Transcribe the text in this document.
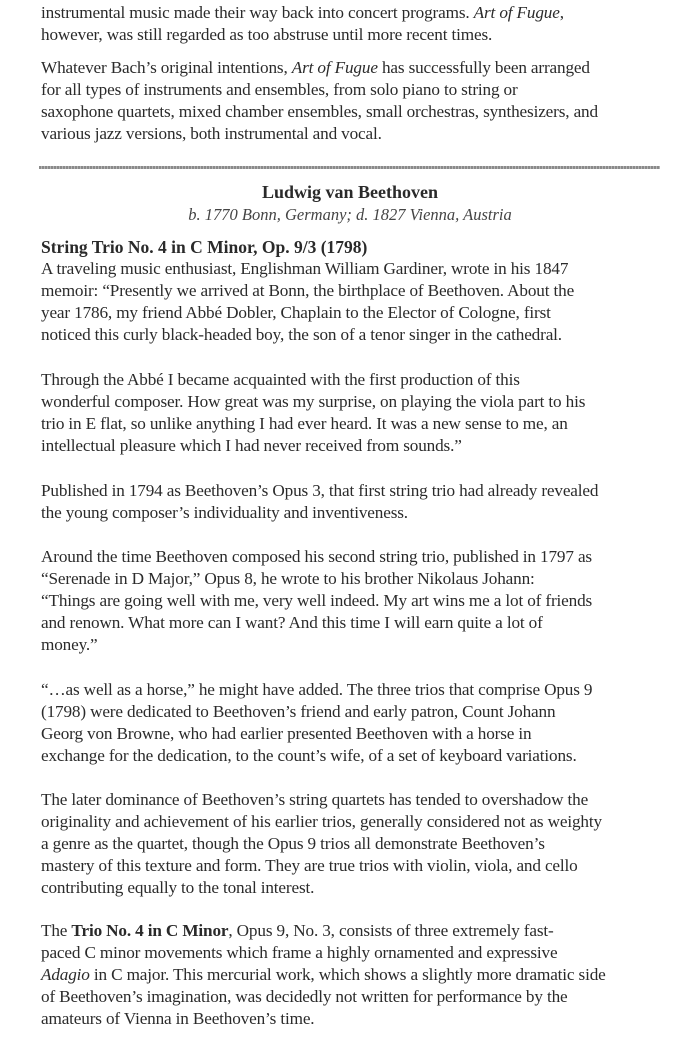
instrumental music made their way back into concert programs. Art of Fugue,
however, was still regarded as too abstruse until more recent times.

Whatever Bach’s original intentions, Art of Fugue has successfully been arranged
for all types of instruments and ensembles, from solo piano to string or
saxophone quartets, mixed chamber ensembles, small orchestras, synthesizers, and
various jazz versions, both instrumental and vocal.

Ludwig van Beethoven
b. 1770 Bonn, Germany; d. 1827 Vienna, Austria
String Trio No. 4 in C Minor, Op. 9/3 (1798)

A traveling music enthusiast, Englishman William Gardiner, wrote in his 1847
memoir: “Presently we arrived at Bonn, the birthplace of Beethoven. About the
year 1786, my friend Abbé Dobler, Chaplain to the Elector of Cologne, first
noticed this curly black-headed boy, the son of a tenor singer in the cathedral.

Through the Abbé I became acquainted with the first production of this
wonderful composer. How great was my surprise, on playing the viola part to his
trio in E flat, so unlike anything I had ever heard. It was a new sense to me, an
intellectual pleasure which I had never received from sounds.”

Published in 1794 as Beethoven’s Opus 3, that first string trio had already revealed
the young composer’s individuality and inventiveness.

Around the time Beethoven composed his second string trio, published in 1797 as
“Serenade in D Major,” Opus 8, he wrote to his brother Nikolaus Johann:
“Things are going well with me, very well indeed. My art wins me a lot of friends
and renown. What more can I want? And this time I will earn quite a lot of
money.”

“…as well as a horse,” he might have added. The three trios that comprise Opus 9
(1798) were dedicated to Beethoven’s friend and early patron, Count Johann
Georg von Browne, who had earlier presented Beethoven with a horse in
exchange for the dedication, to the count’s wife, of a set of keyboard variations.

The later dominance of Beethoven’s string quartets has tended to overshadow the
originality and achievement of his earlier trios, generally considered not as weighty
a genre as the quartet, though the Opus 9 trios all demonstrate Beethoven’s
mastery of this texture and form. They are true trios with violin, viola, and cello
contributing equally to the tonal interest.

The Trio No. 4 in C Minor, Opus 9, No. 3, consists of three extremely fast-
paced C minor movements which frame a highly ornamented and expressive
Adagio in C major. This mercurial work, which shows a slightly more dramatic side
of Beethoven’s imagination, was decidedly not written for performance by the
amateurs of Vienna in Beethoven’s time.
